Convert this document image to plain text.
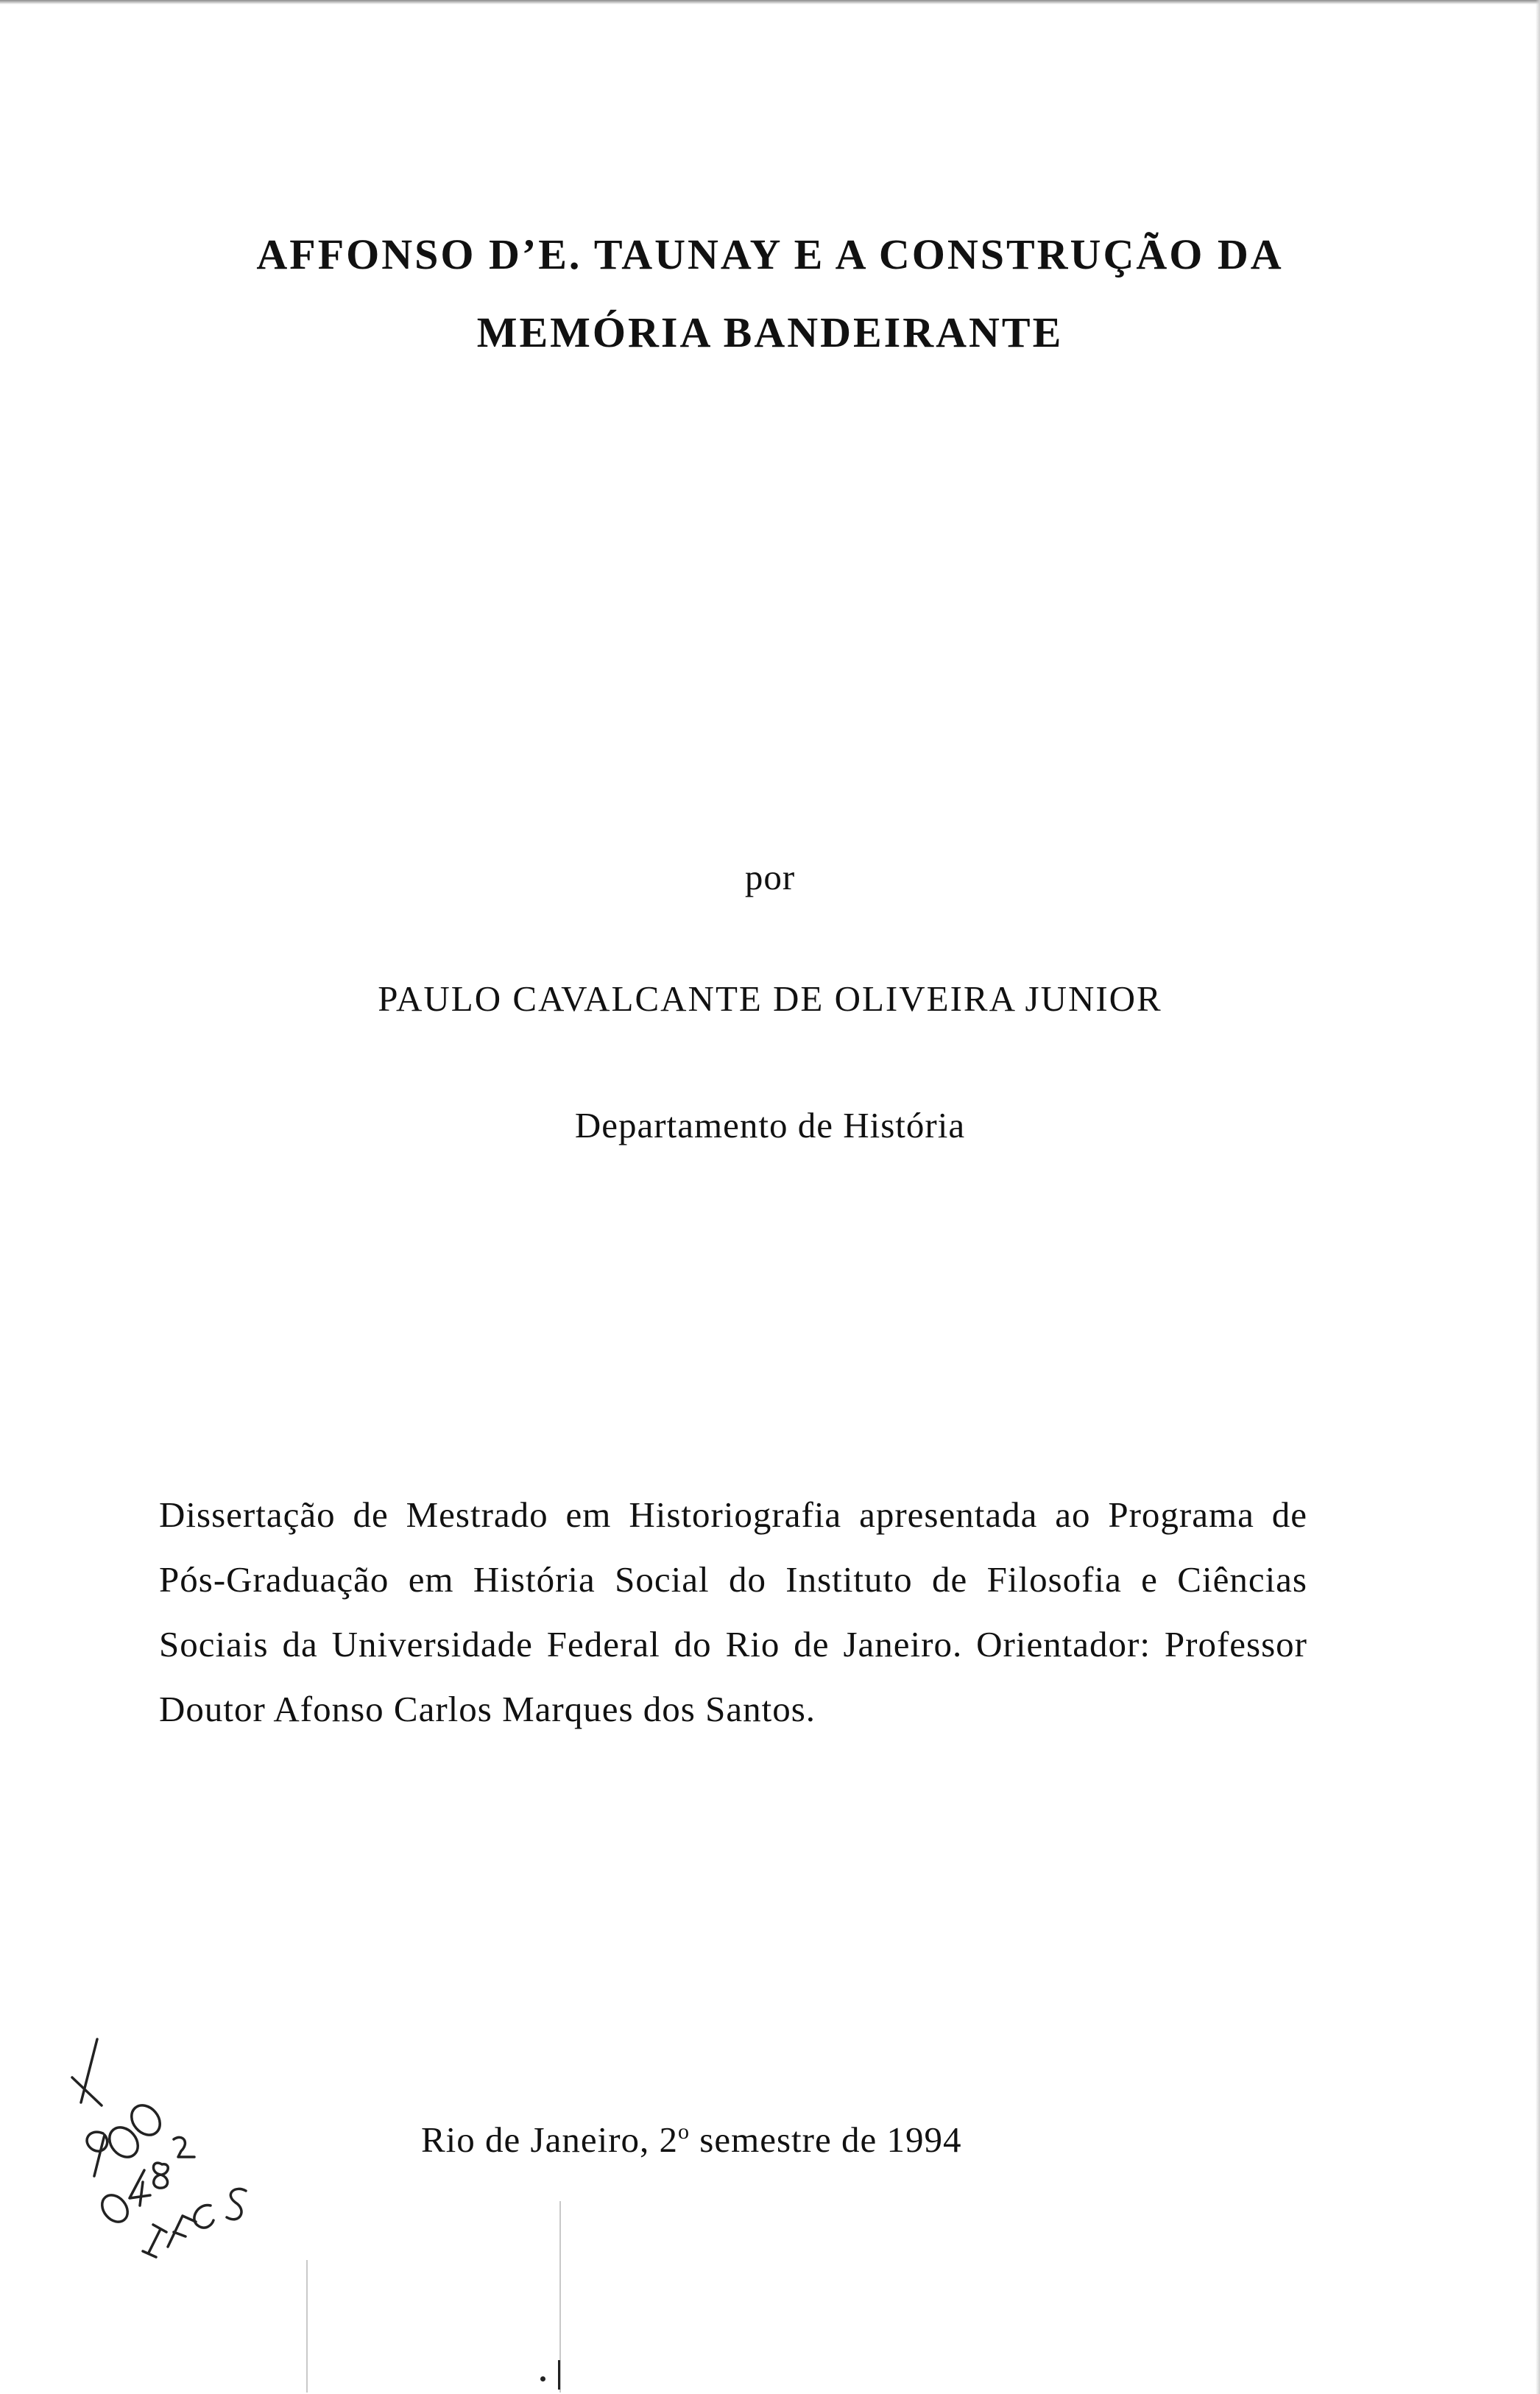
AFFONSO D’E. TAUNAY E A CONSTRUÇÃO DA
MEMÓRIA BANDEIRANTE

por

PAULO CAVALCANTE DE OLIVEIRA JUNIOR

Departamento de História

Dissertação de Mestrado em Historiografia apresentada ao Programa de Pós-Graduação em História Social do Instituto de Filosofia e Ciências Sociais da Universidade Federal do Rio de Janeiro. Orientador: Professor Doutor Afonso Carlos Marques dos Santos.

Rio de Janeiro, 2$^o$ semestre de 1994
